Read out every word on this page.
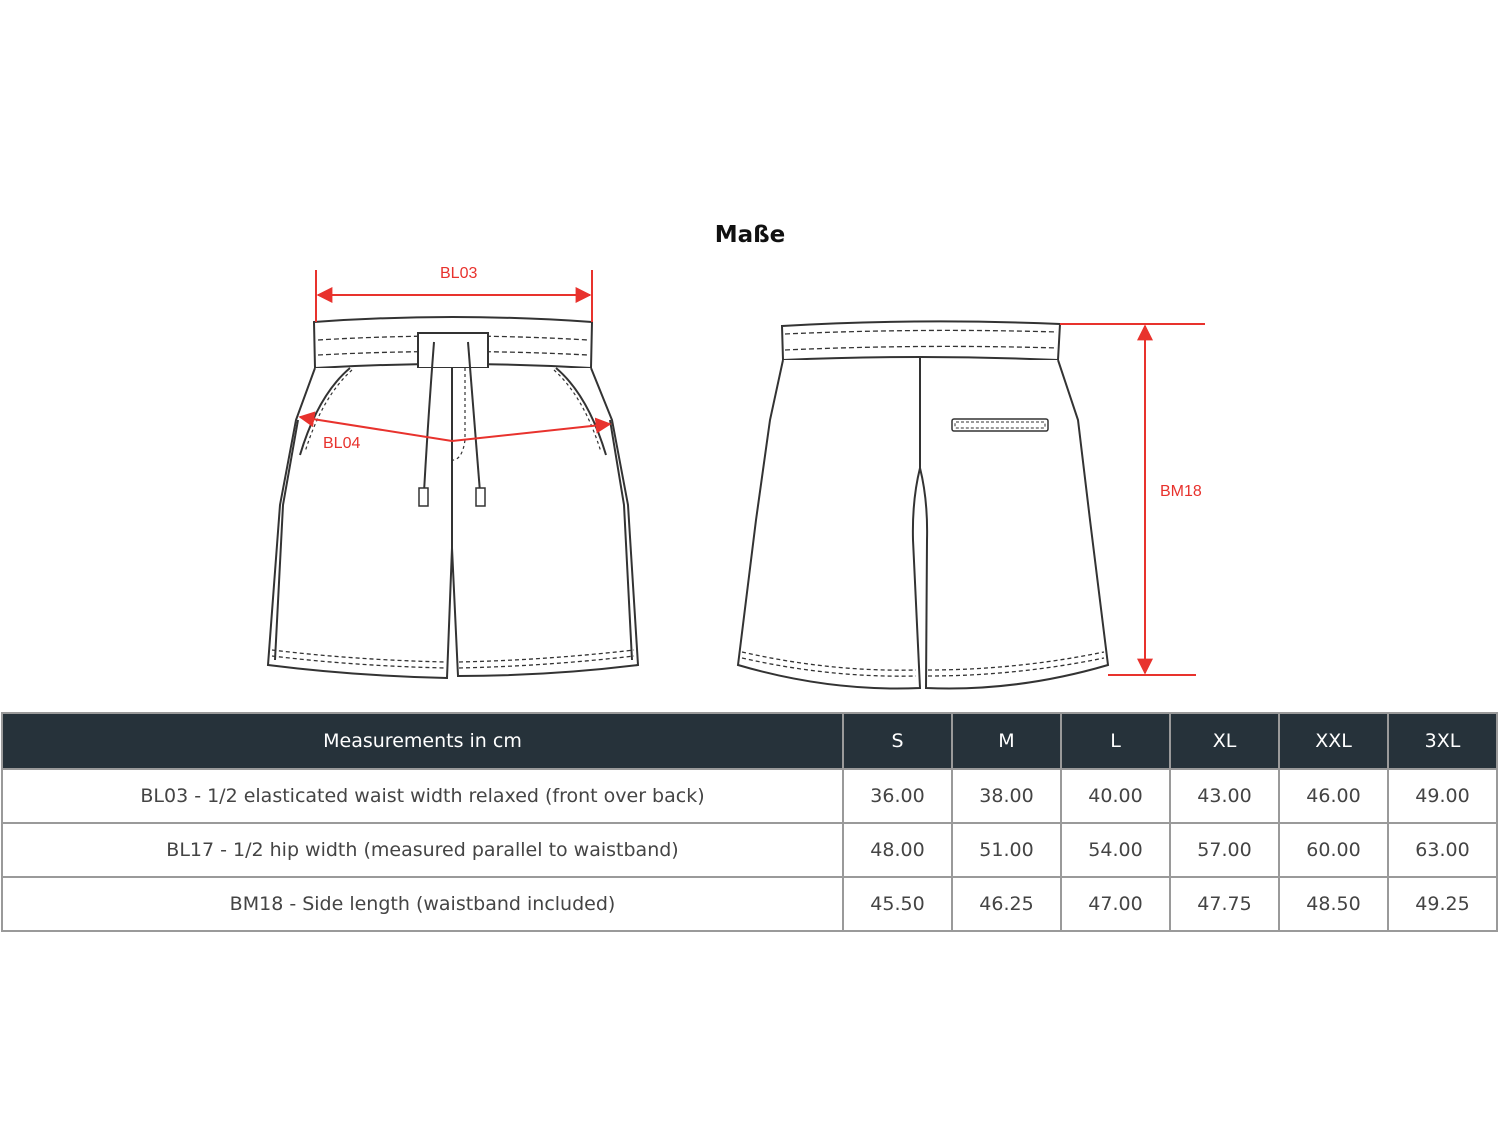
Maße
BL03
BL04
BM18
Measurements in cm	S	M	L	XL	XXL	3XL
BL03 - 1/2 elasticated waist width relaxed (front over back)	36.00	38.00	40.00	43.00	46.00	49.00
BL17 - 1/2 hip width (measured parallel to waistband)	48.00	51.00	54.00	57.00	60.00	63.00
BM18 - Side length (waistband included)	45.50	46.25	47.00	47.75	48.50	49.25
